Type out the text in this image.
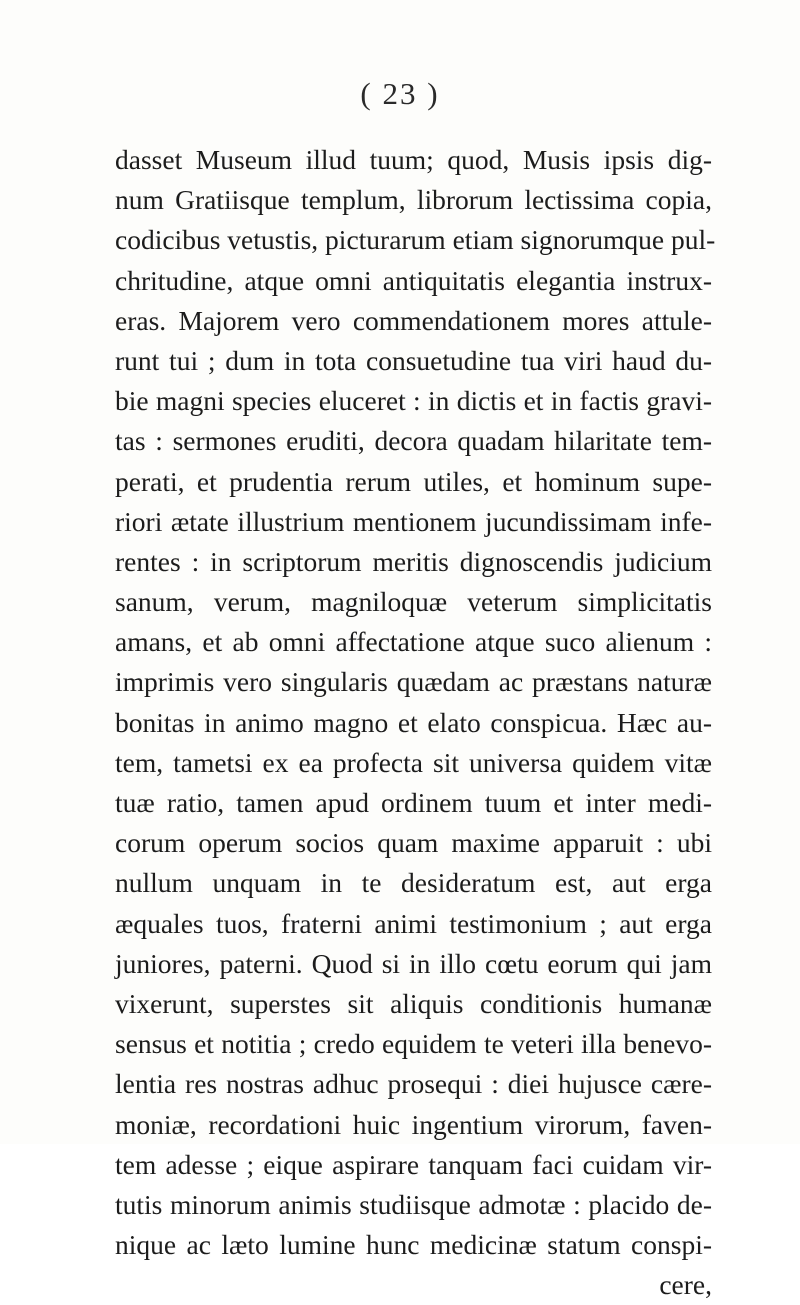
( 23 )
dasset Museum illud tuum; quod, Musis ipsis dig-
num Gratiisque templum, librorum lectissima copia,
codicibus vetustis, picturarum etiam signorumque pul-
chritudine, atque omni antiquitatis elegantia instrux-
eras. Majorem vero commendationem mores attule-
runt tui ; dum in tota consuetudine tua viri haud du-
bie magni species eluceret : in dictis et in factis gravi-
tas : sermones eruditi, decora quadam hilaritate tem-
perati, et prudentia rerum utiles, et hominum supe-
riori ætate illustrium mentionem jucundissimam infe-
rentes : in scriptorum meritis dignoscendis judicium
sanum, verum, magniloquæ veterum simplicitatis
amans, et ab omni affectatione atque suco alienum :
imprimis vero singularis quædam ac præstans naturæ
bonitas in animo magno et elato conspicua. Hæc au-
tem, tametsi ex ea profecta sit universa quidem vitæ
tuæ ratio, tamen apud ordinem tuum et inter medi-
corum operum socios quam maxime apparuit : ubi
nullum unquam in te desideratum est, aut erga
æquales tuos, fraterni animi testimonium ; aut erga
juniores, paterni. Quod si in illo cœtu eorum qui jam
vixerunt, superstes sit aliquis conditionis humanæ
sensus et notitia ; credo equidem te veteri illa benevo-
lentia res nostras adhuc prosequi : diei hujusce cære-
moniæ, recordationi huic ingentium virorum, faven-
tem adesse ; eique aspirare tanquam faci cuidam vir-
tutis minorum animis studiisque admotæ : placido de-
nique ac læto lumine hunc medicinæ statum conspi-
cere,
